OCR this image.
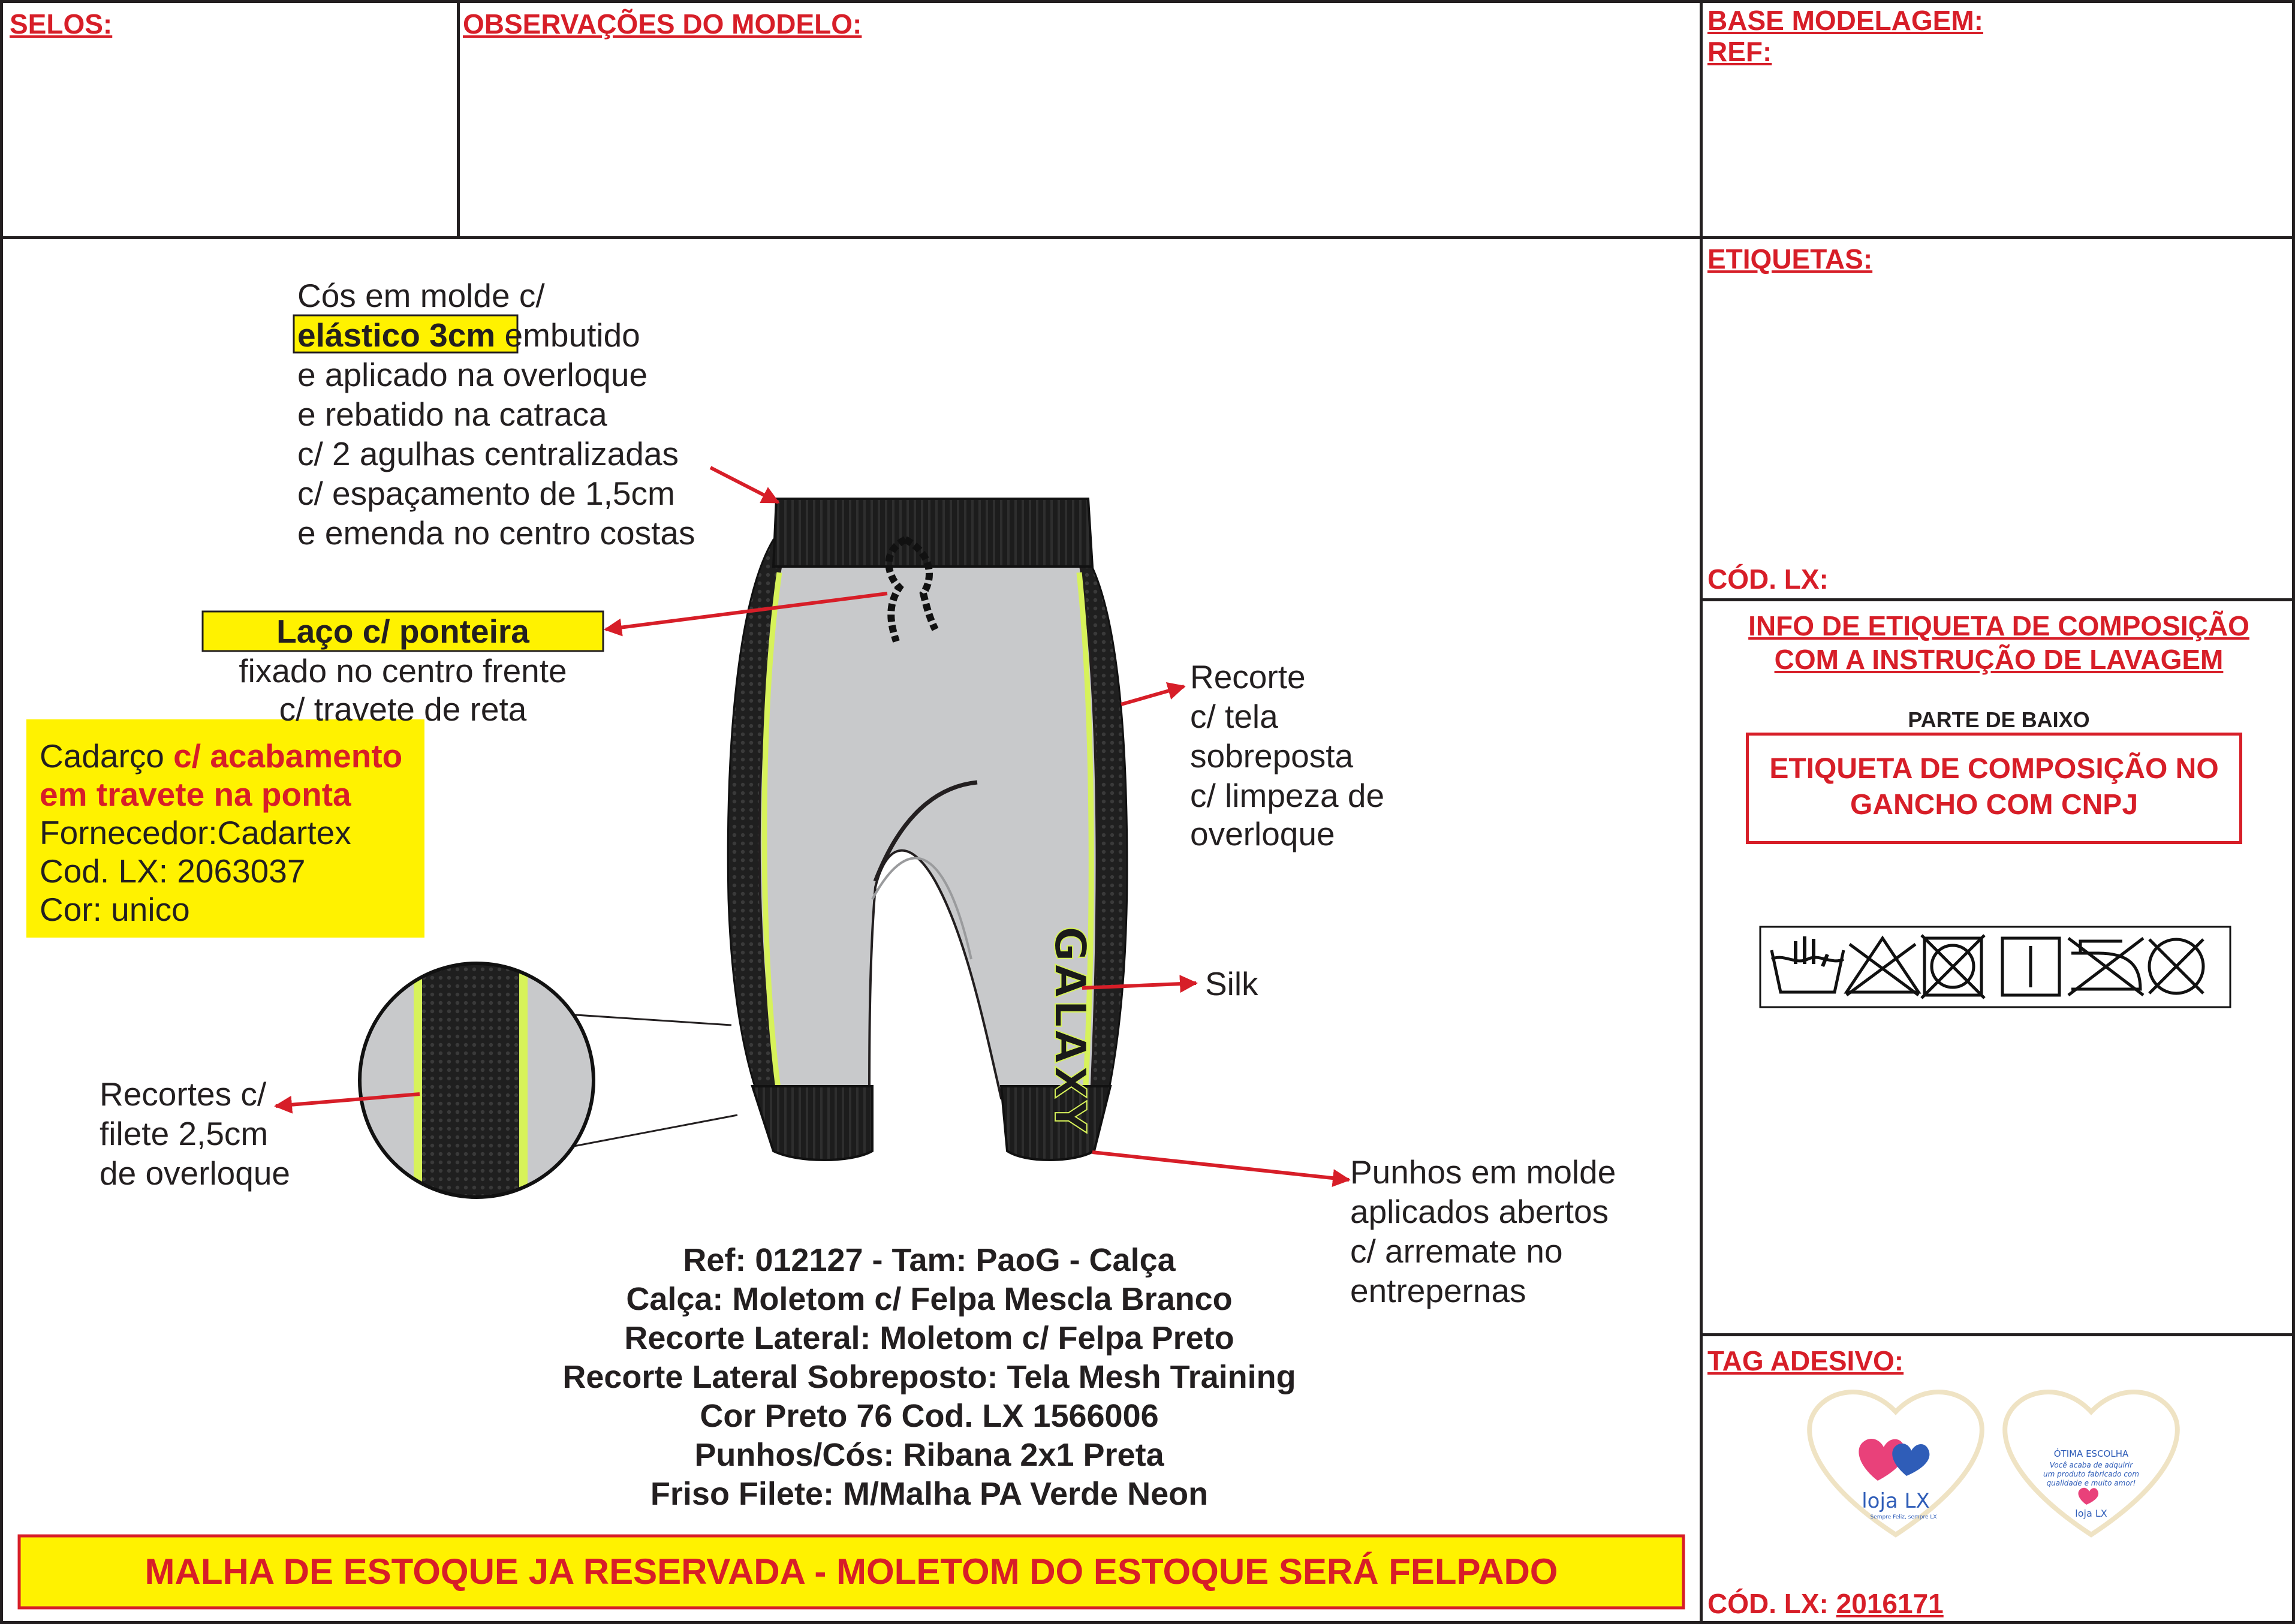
SELOS:	OBSERVAÇÕES DO MODELO:	BASE MODELAGEM:
REF:
ETIQUETAS:
CÓD. LX:
INFO DE ETIQUETA DE COMPOSIÇÃO
COM A INSTRUÇÃO DE LAVAGEM
PARTE DE BAIXO
ETIQUETA DE COMPOSIÇÃO NO
GANCHO COM CNPJ
TAG ADESIVO:
CÓD. LX: 2016171
GALAXY
loja LX
Sempre Feliz, sempre LX
ÓTIMA ESCOLHA
Você acaba de adquirir
um produto fabricado com
qualidade e muito amor!
loja LX
Cós em molde c/
elástico 3cm embutido
e aplicado na overloque
e rebatido na catraca
c/ 2 agulhas centralizadas
c/ espaçamento de 1,5cm
e emenda no centro costas
Laço c/ ponteira
fixado no centro frente
c/ travete de reta
Cadarço c/ acabamento
em travete na ponta
Fornecedor:Cadartex
Cod. LX: 2063037
Cor: unico
Recorte
c/ tela
sobreposta
c/ limpeza de
overloque
Silk
Recortes c/
filete 2,5cm
de overloque	Punhos em molde
aplicados abertos
c/ arremate no
entrepernas
Ref: 012127 - Tam: PaoG - Calça
Calça: Moletom c/ Felpa Mescla Branco
Recorte Lateral: Moletom c/ Felpa Preto
Recorte Lateral Sobreposto: Tela Mesh Training
Cor Preto 76 Cod. LX 1566006
Punhos/Cós: Ribana 2x1 Preta
Friso Filete: M/Malha PA Verde Neon
MALHA DE ESTOQUE JA RESERVADA - MOLETOM DO ESTOQUE SERÁ FELPADO
